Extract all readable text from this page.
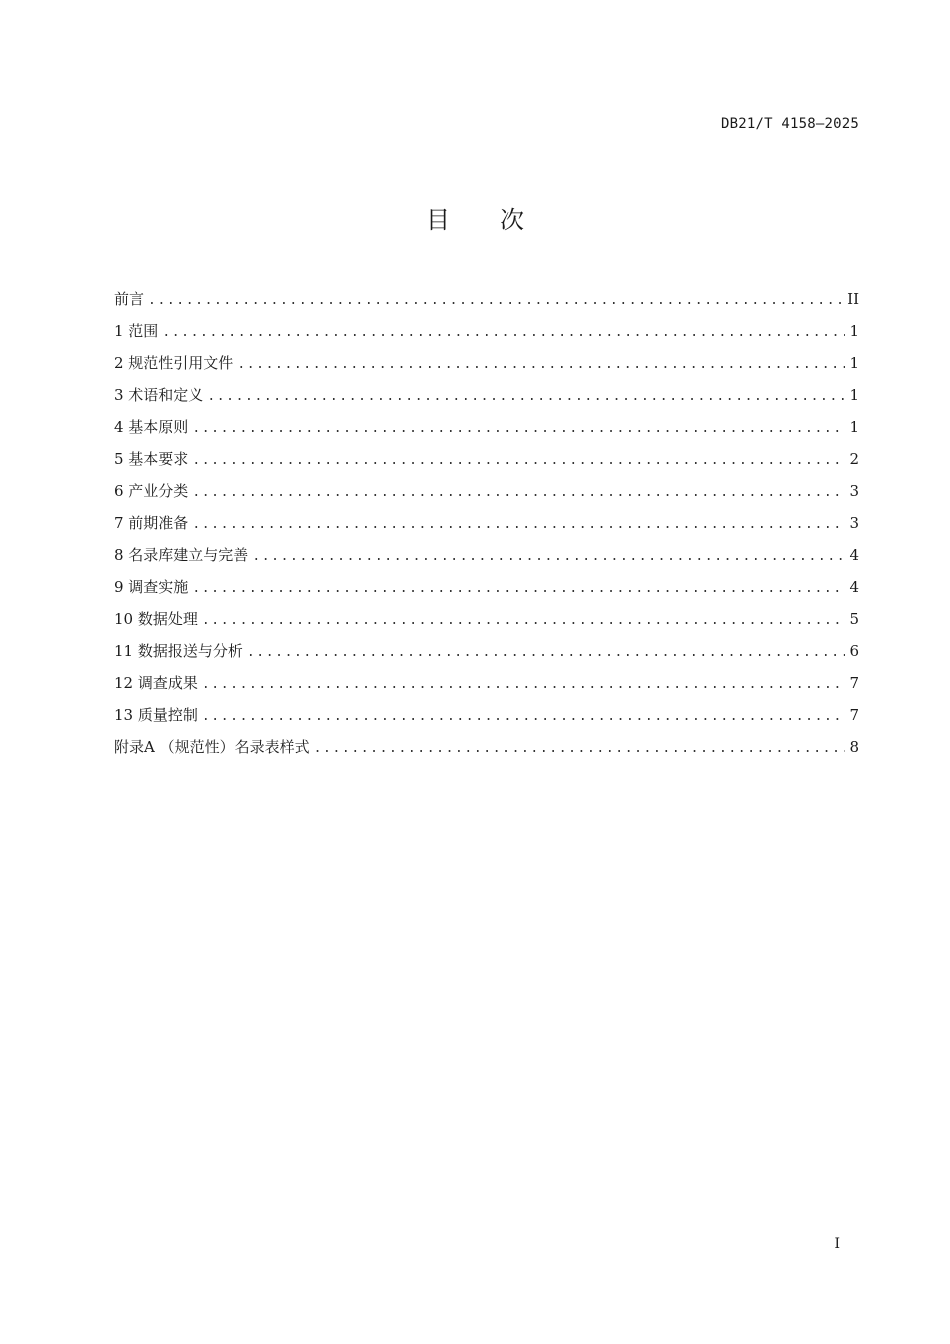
DB21/T 4158—2025
目次
前言 .....	II
1 范围 .....	1
2 规范性引用文件 .....	1
3 术语和定义 .....	1
4 基本原则 .....	1
5 基本要求 .....	2
6 产业分类 .....	3
7 前期准备 .....	3
8 名录库建立与完善 .....	4
9 调查实施 .....	4
10 数据处理 .....	5
11 数据报送与分析 .....	6
12 调查成果 .....	7
13 质量控制 .....	7
附录A （规范性）名录表样式 .....	8
I
